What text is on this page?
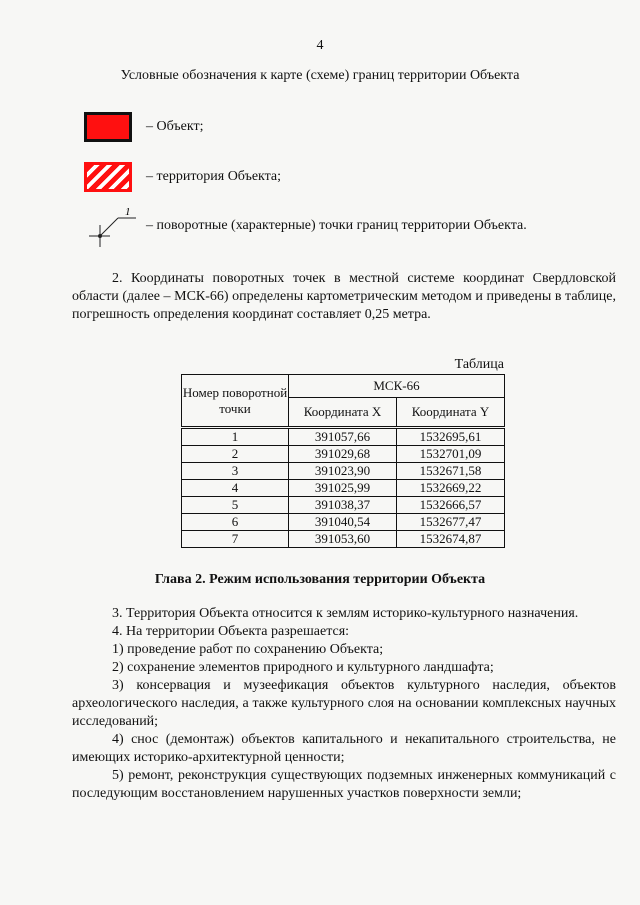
4
Условные обозначения к карте (схеме) границ территории Объекта
– Объект;
– территория Объекта;
1
– поворотные (характерные) точки границ территории Объекта.
2. Координаты поворотных точек в местной системе координат Свердловской области (далее – МСК-66) определены картометрическим методом и приведены в таблице, погрешность определения координат составляет 0,25 метра.
Таблица
Номер поворотной точки	МСК-66	
	Координата X	Координата Y
1	391057,66	1532695,61
2	391029,68	1532701,09
3	391023,90	1532671,58
4	391025,99	1532669,22
5	391038,37	1532666,57
6	391040,54	1532677,47
7	391053,60	1532674,87
Глава 2. Режим использования территории Объекта
3. Территория Объекта относится к землям историко-культурного назначения.
4. На территории Объекта разрешается:
1) проведение работ по сохранению Объекта;
2) сохранение элементов природного и культурного ландшафта;
3) консервация и музеефикация объектов культурного наследия, объектов археологического наследия, а также культурного слоя на основании комплексных научных исследований;
4) снос (демонтаж) объектов капитального и некапитального строительства, не имеющих историко-архитектурной ценности;
5) ремонт, реконструкция существующих подземных инженерных коммуникаций с последующим восстановлением нарушенных участков поверхности земли;
